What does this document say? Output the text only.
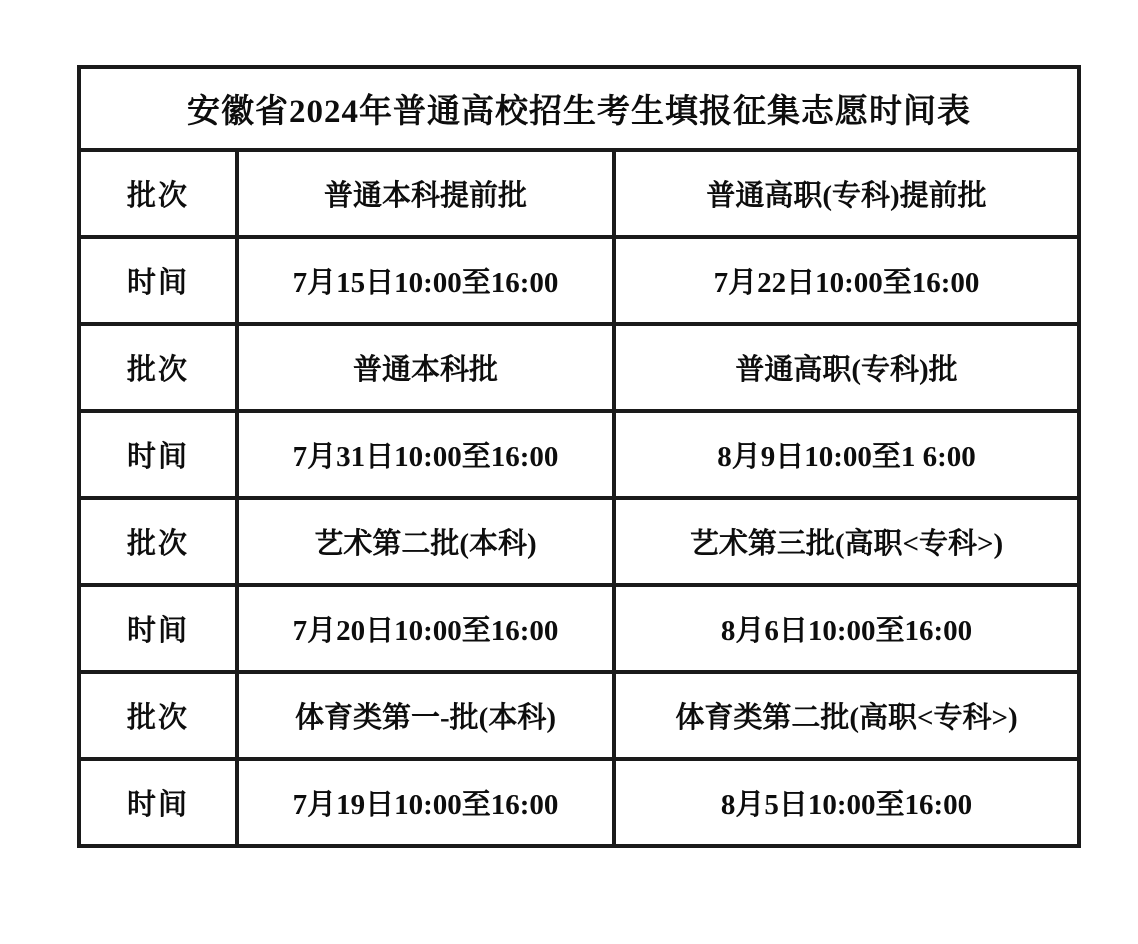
安徽省2024年普通高校招生考生填报征集志愿时间表		
批次	普通本科提前批	普通高职(专科)提前批
时间	7月15日10:00至16:00	7月22日10:00至16:00
批次	普通本科批	普通高职(专科)批
时间	7月31日10:00至16:00	8月9日10:00至1 6:00
批次	艺术第二批(本科)	艺术第三批(高职<专科>)
时间	7月20日10:00至16:00	8月6日10:00至16:00
批次	体育类第一-批(本科)	体育类第二批(高职<专科>)
时间	7月19日10:00至16:00	8月5日10:00至16:00
